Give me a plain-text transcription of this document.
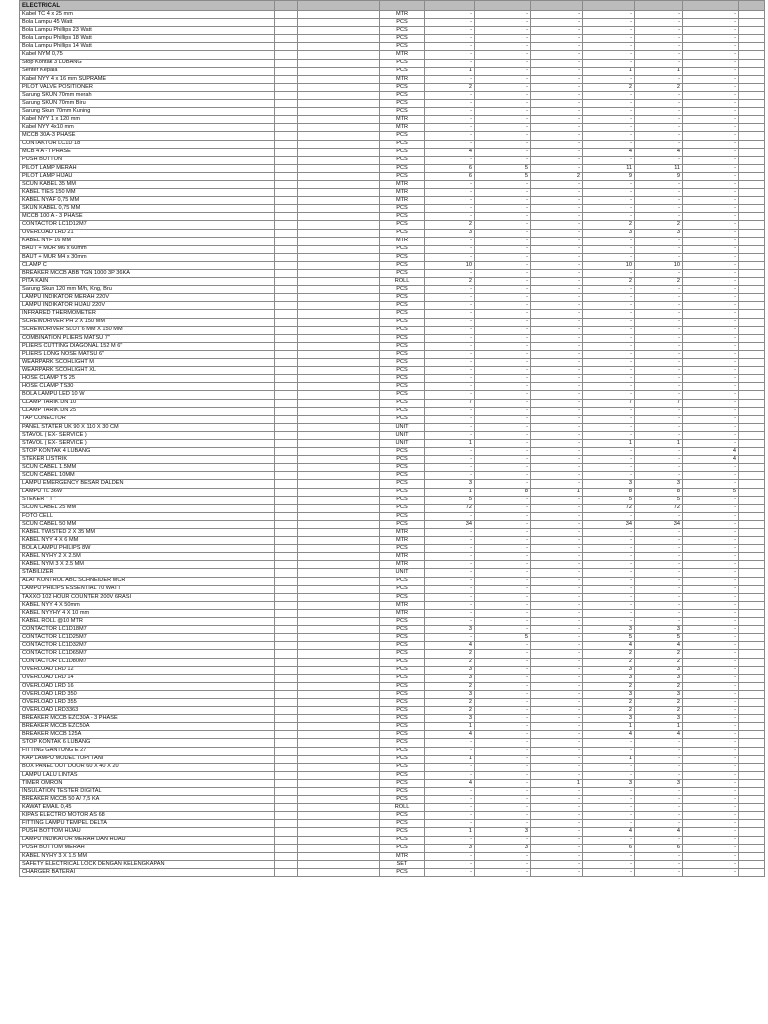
ELECTRICAL										
Kabel TC 4 x 25 mm			MTR	-	-	-	-	-	-	
Bola Lampu 45 Watt			PCS	-	-	-	-	-	-	
Bola Lampu Phillips 23 Watt			PCS	-	-	-	-	-	-	
Bola Lampu Phillips 18 Watt			PCS	-	-	-	-	-	-	
Bola Lampu Phillips 14 Watt			PCS	-	-	-	-	-	-	
Kabel NYM 0,75			MTR	-	-	-	-	-	-	
Stop Kontak 3 LUBANG			PCS	-	-	-	-	-	-	
Senter Kepala			PCS	1	-	-	1	1	-	
Kabel NYY 4 x 16 mm SUPRAME			MTR	-	-	-	-	-	-	
PILOT VALVE POSITIONER			PCS	2	-	-	2	2	-	
Sarung SKUN 70mm merah			PCS	-	-	-	-	-	-	
Sarung SKUN 70mm Biru			PCS	-	-	-	-	-	-	
Sarung Skun 70mm Kuning			PCS	-	-	-	-	-	-	
Kabel NYY 1 x 120 mm			MTR	-	-	-	-	-	-	
Kabel NYY 4x10 mm			MTR	-	-	-	-	-	-	
MCCB 30A-3 PHASE			PCS	-	-	-	-	-	-	
CONTAKTOR LC1D 18			PCS	-	-	-	-	-	-	
MCB 4 A - I PHASE			PCS	4	-	-	4	4	-	
PUSH BUTTON			PCS	-	-	-	-	-	-	
PILOT LAMP MERAH			PCS	6	5	-	11	11	-	
PILOT LAMP HIJAU			PCS	6	5	2	9	9	-	
SCUN KABEL 35 MM			MTR	-	-	-	-	-	-	
KABEL TIES 150 MM			MTR	-	-	-	-	-	-	
KABEL NYAF 0,75 MM			MTR	-	-	-	-	-	-	
SKUN KABEL 0,75 MM			PCS	-	-	-	-	-	-	
MCCB 100 A - 3 PHASE			PCS	-	-	-	-	-	-	
CONTACTOR LC1D12M7			PCS	2	-	-	2	2	-	
OVERLOAD LRD 21			PCS	3	-	-	3	3	-	
KABEL NYF 16 MM			MTR	-	-	-	-	-	-	
BAUT + MUR M6 x 60mm			PCS	-	-	-	-	-	-	
BAUT + MUR M4 x 30mm			PCS	-	-	-	-	-	-	
CLAMP C			PCS	10	-	-	10	10	-	
BREAKER MCCB ABB TGN 1000 3P 36KA			PCS	-	-	-	-	-	-	
PITA KAIN			ROLL	2	-	-	2	2	-	
Sarung Skun 120 mm M/h, Kng, Bru			PCS	-	-	-	-	-	-	
LAMPU INDIKATOR MERAH 220V			PCS	-	-	-	-	-	-	
LAMPU INDIKATOR HIJAU 220V			PCS	-	-	-	-	-	-	
INFRARED THERMOMETER			PCS	-	-	-	-	-	-	
SCREWDRIVER PH 2 X 150 MM			PCS	-	-	-	-	-	-	
SCREWDRIVER SLOT 6 MM X 150 MM			PCS	-	-	-	-	-	-	
COMBINATION PLIERS MATSU 7"			PCS	-	-	-	-	-	-	
PLIERS CUTTING DIAGONAL 152 M 6"			PCS	-	-	-	-	-	-	
PLIERS LONG NOSE MATSU 6"			PCS	-	-	-	-	-	-	
WEARPARK SCOHLIGHT M			PCS	-	-	-	-	-	-	
WEARPARK SCOHLIGHT XL			PCS	-	-	-	-	-	-	
HOSE CLAMP TS 25			PCS	-	-	-	-	-	-	
HOSE CLAMP TS30			PCS	-	-	-	-	-	-	
BOLA LAMPU LED 10 W			PCS	-	-	-	-	-	-	
CLAMP TARIK DN 10			PCS	7	-	-	7	7	-	
CLAMP TARIK DN 25			PCS	-	-	-	-	-	-	
TAP CONECTOR			PCS	-	-	-	-	-	-	
PANEL STATER UK 90 X 110 X 30 CM			UNIT	-	-	-	-	-	-	
STAVOL ( EX- SERVICE )			UNIT	-	-	-	-	-	-	
STAVOL ( EX- SERVICE )			UNIT	1	-	-	1	1	-	
STOP KONTAK 4 LUBANG			PCS	-	-	-	-	-	4	
STEKER LISTRIK			PCS	-	-	-	-	-	4	
SCUN CABEL 1.5MM			PCS	-	-	-	-	-	-	
SCUN CABEL 10MM			PCS	-	-	-	-	-	-	
LAMPU EMERGENCY BESAR DALDEN			PCS	3	-	-	3	3	-	
LAMPU TL 36W			PCS	1	8	1	8	8	5	
STEKER " T "			PCS	5	-	-	5	5	-	
SCUN CABEL 25 MM			PCS	72	-	-	72	72	-	
FOTO CELL			PCS	-	-	-	-	-	-	
SCUN CABEL 50 MM			PCS	34	-	-	34	34	-	
KABEL TWISTED 2 X 35 MM			MTR	-	-	-	-	-	-	
KABEL NYY 4 X 6 MM			MTR	-	-	-	-	-	-	
BOLA LAMPU PHILIPS 8W			PCS	-	-	-	-	-	-	
KABEL NYHY 2 X 2.5M			MTR	-	-	-	-	-	-	
KABEL NYM 3 X 2.5 MM			MTR	-	-	-	-	-	-	
STABILIZER			UNIT	-	-	-	-	-	-	
ALAT KONTROL ABC SCHNEIDER MCR			PCS	-	-	-	-	-	-	
LAMPU PHILIPS ESSENTIAL 70 WATT			PCS	-	-	-	-	-	-	
TAXXO 102 HOUR COUNTER 200V 6RASI			PCS	-	-	-	-	-	-	
KABEL NYY 4 X 50mm			MTR	-	-	-	-	-	-	
KABEL NYYHY 4 X 10 mm			MTR	-	-	-	-	-	-	
KABEL ROLL @10 MTR			PCS	-	-	-	-	-	-	
CONTACTOR LC1D18M7			PCS	3	-	-	3	3	-	
CONTACTOR LC1D25M7			PCS	-	5	-	5	5	-	
CONTACTOR LC1D32M7			PCS	4	-	-	4	4	-	
CONTACTOR LC1D65M7			PCS	2	-	-	2	2	-	
CONTACTOR LC1D80M7			PCS	2	-	-	2	2	-	
OVERLOAD LRD 12			PCS	3	-	-	3	3	-	
OVERLOAD LRD 14			PCS	3	-	-	3	3	-	
OVERLOAD LRD 16			PCS	2	-	-	2	2	-	
OVERLOAD LRD 350			PCS	3	-	-	3	3	-	
OVERLOAD LRD 355			PCS	2	-	-	2	2	-	
OVERLOAD LRD3363			PCS	2	-	-	2	2	-	
BREAKER MCCB EZC30A - 3 PHASE			PCS	3	-	-	3	3	-	
BREAKER MCCB EZC50A			PCS	1	-	-	1	1	-	
BREAKER MCCB 125A			PCS	4	-	-	4	4	-	
STOP KONTAK 6 LUBANG			PCS	-	-	-	-	-	-	
FITTING GANTUNG E 27			PCS	-	-	-	-	-	-	
KAP LAMPU MODEL TOPI TANI			PCS	1	-	-	1	-	-	
BOX PANEL OUT DOOR 60 X 40 X 20			PCS	-	-	-	-	-	-	
LAMPU LALU LINTAS			PCS	-	-	-	-	-	-	
TIMER OMRON			PCS	4	-	1	3	3	-	
INSULATION TESTER DIGITAL			PCS	-	-	-	-	-	-	
BREAKER MCCB 50 A/ 7,5 KA			PCS	-	-	-	-	-	-	
KAWAT EMAIL 0,45			ROLL	-	-	-	-	-	-	
KIPAS ELECTRO MOTOR AS 68			PCS	-	-	-	-	-	-	
FITTING LAMPU TEMPEL DELTA			PCS	-	-	-	-	-	-	
PUSH BOTTOM HIJAU			PCS	1	3	-	4	4	-	
LAMPU INDIKATOR MERAH DAN HIJAU			PCS	-	-	-	-	-	-	
PUSH BOTTOM MERAH			PCS	3	3	-	6	6	-	
KABEL NYHY 3 X 1.5 MM			MTR	-	-	-	-	-	-	
SAFETY ELECTRICAL LOCK DENGAN KELENGKAPAN			SET	-	-	-	-	-	-	
CHARGER BATERAI			PCS	-	-	-	-	-	-	
